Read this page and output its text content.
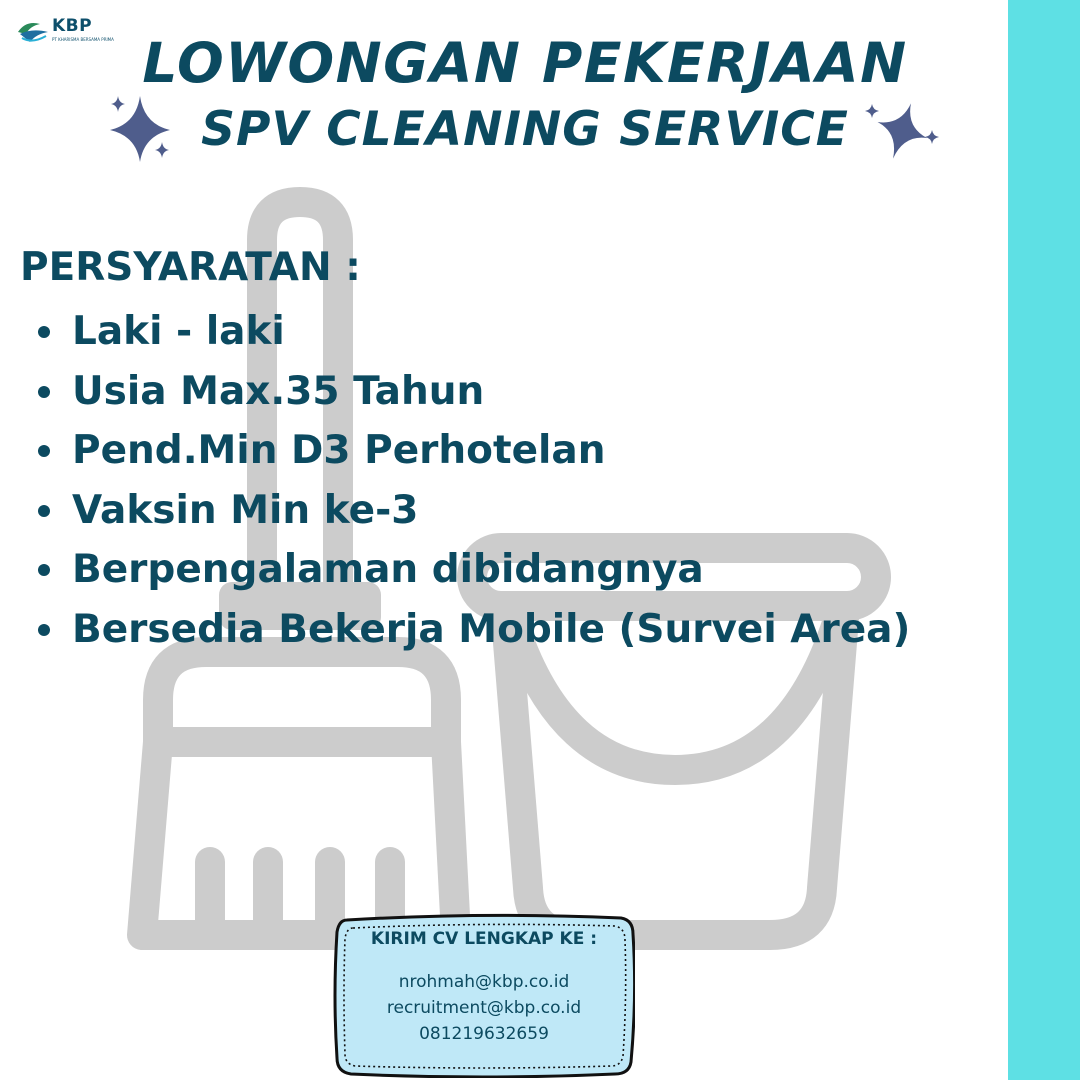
KBP
PT KHARISMA BERSAMA PRIMA LOWONGAN PEKERJAAN
SPV CLEANING SERVICE
PERSYARATAN :
Laki - laki
Usia Max.35 Tahun
Pend.Min D3 Perhotelan
Vaksin Min ke-3
Berpengalaman dibidangnya
Bersedia Bekerja Mobile (Survei Area)
KIRIM CV LENGKAP KE :
nrohmah@kbp.co.id
recruitment@kbp.co.id
081219632659
